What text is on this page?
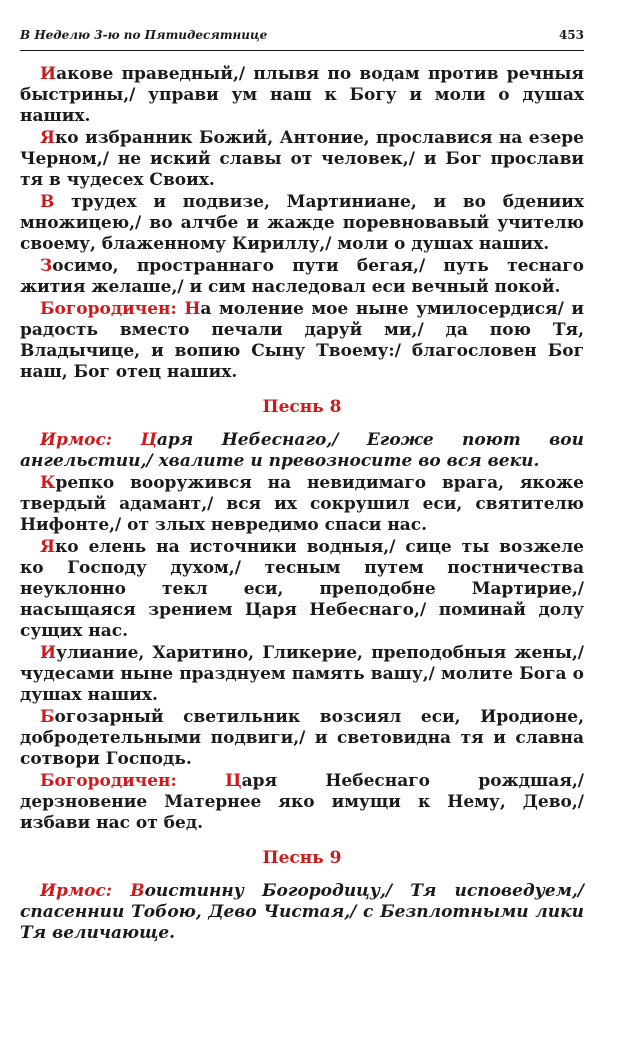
В Неделю 3-ю по Пятидесятнице	453

Иакове праведный,/ плывя по водам против речныя быстрины,/ управи ум наш к Богу и моли о душах наших.

Яко избранник Божий, Антоние, прославися на езере Черном,/ не иский славы от человек,/ и Бог прослави тя в чудесех Своих.

В трудех и подвизе, Мартиниане, и во бдениих множицею,/ во алчбе и жажде поревновавый учителю своему, блаженному Кириллу,/ моли о душах наших.

Зосимо, пространнаго пути бегая,/ путь теснаго жития желаше,/ и сим наследовал еси вечный покой.

Богородичен: На моление мое ныне умилосердися/ и радость вместо печали даруй ми,/ да пою Тя, Владычице, и вопию Сыну Твоему:/ благословен Бог наш, Бог отец наших.

Песнь 8

Ирмос: Царя Небеснаго,/ Егоже поют вои ангельстии,/ хвалите и превозносите во вся веки.

Крепко вооружився на невидимаго врага, якоже твердый адамант,/ вся их сокрушил еси, святителю Нифонте,/ от злых невредимо спаси нас.

Яко елень на источники водныя,/ сице ты возжеле ко Господу духом,/ тесным путем постничества неуклонно текл еси, преподобне Мартирие,/ насыщаяся зрением Царя Небеснаго,/ поминай долу сущих нас.

Иулиание, Харитино, Гликерие, преподобныя жены,/ чудесами ныне празднуем память вашу,/ молите Бога о душах наших.

Богозарный светильник возсиял еси, Иродионе, добродетельными подвиги,/ и световидна тя и славна сотвори Господь.

Богородичен:	Царя Небеснаго рождшая,/ дерзновение Матернее яко имущи к Нему, Дево,/ избави нас от бед.

Песнь 9

Ирмос: Воистинну Богородицу,/ Тя исповедуем,/ спасеннии Тобою, Дево Чистая,/ с Безплотными лики Тя величающе.
